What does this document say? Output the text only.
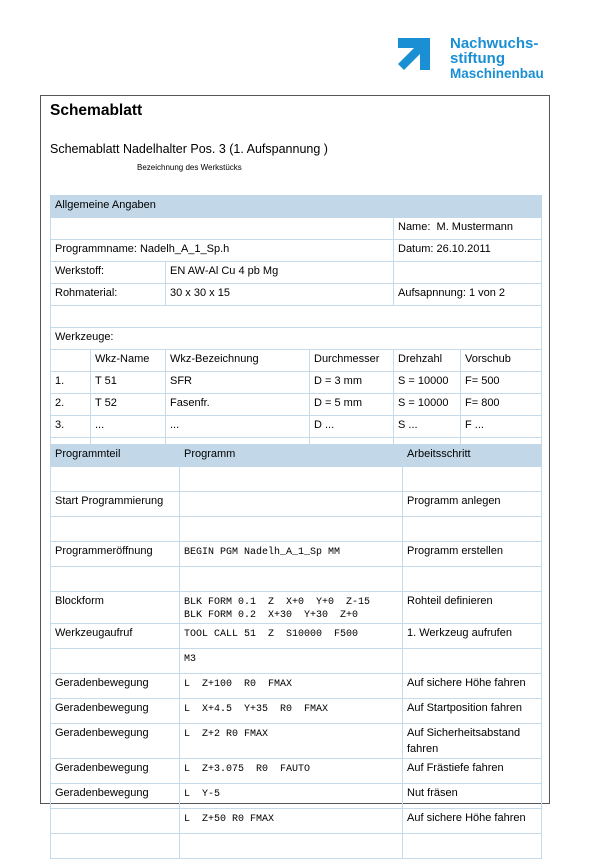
Nachwuchs-
stiftung
Maschinenbau
Schemablatt
Schemablatt Nadelhalter Pos. 3 (1. Aufspannung )
Bezeichnung des Werkstücks
Allgemeine Angaben					
				Name: M. Mustermann	
Programmname: Nadelh_A_1_Sp.h				Datum: 26.10.2011	
Werkstoff:		EN AW-Al Cu 4 pb Mg			
Rohmaterial:		30 x 30 x 15		Aufsapnnung: 1 von 2	

Werkzeuge:					
	Wkz-Name	Wkz-Bezeichnung	Durchmesser	Drehzahl	Vorschub
1.	T 51	SFR	D = 3 mm	S = 10000	F= 500
2.	T 52	Fasenfr.	D = 5 mm	S = 10000	F= 800
3.	...	...	D ...	S ...	F ...

Programmteil	Programm	Arbeitsschritt

Start Programmierung		Programm anlegen

Programmeröffnung	BEGIN PGM Nadelh_A_1_Sp MM	Programm erstellen

Blockform	BLK FORM 0.1  Z  X+0  Y+0  Z-15
BLK FORM 0.2  X+30  Y+30  Z+0	Rohteil definieren
Werkzeugaufruf	TOOL CALL 51  Z  S10000  F500	1. Werkzeug aufrufen
	M3	
Geradenbewegung	L  Z+100  R0  FMAX	Auf sichere Höhe fahren
Geradenbewegung	L  X+4.5  Y+35  R0  FMAX	Auf Startposition fahren
Geradenbewegung	L  Z+2 R0 FMAX	Auf Sicherheitsabstand fahren
Geradenbewegung	L  Z+3.075  R0  FAUTO	Auf Frästiefe fahren
Geradenbewegung	L  Y-5	Nut fräsen
	L  Z+50 R0 FMAX	Auf sichere Höhe fahren
